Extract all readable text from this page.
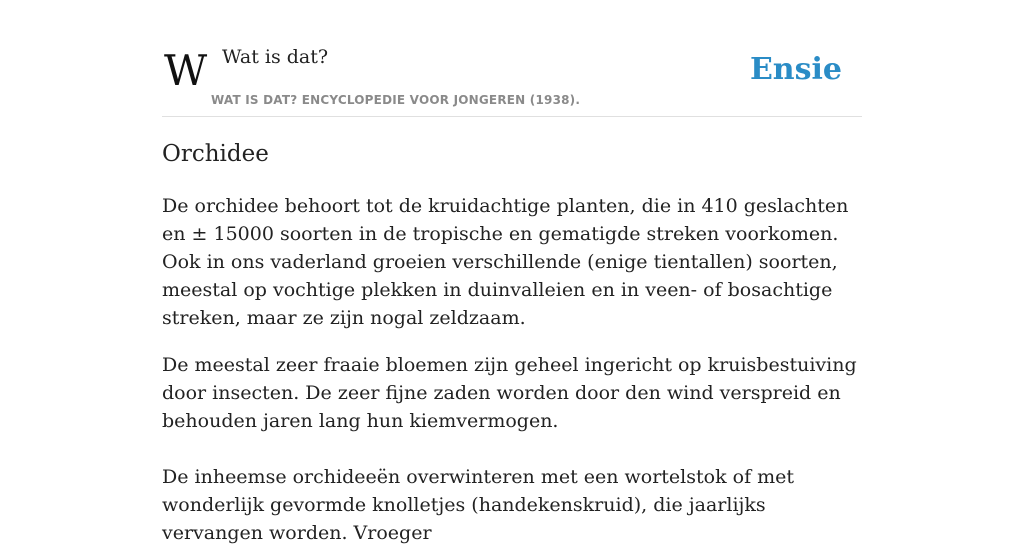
W	Wat is dat?
WAT IS DAT? ENCYCLOPEDIE VOOR JONGEREN (1938).
Ensie
Orchidee

De orchidee behoort tot de kruidachtige planten, die in 410 geslachten en ± 15000 soorten in de tropische en gematigde streken voorkomen. Ook in ons vaderland groeien verschillende (enige tientallen) soorten, meestal op vochtige plekken in duinvalleien en in veen- of bosachtige streken, maar ze zijn nogal zeldzaam.

De meestal zeer fraaie bloemen zijn geheel ingericht op kruisbestuiving door insecten. De zeer fijne zaden worden door den wind verspreid en behouden jaren lang hun kiemvermogen.

De inheemse orchideeën overwinteren met een wortelstok of met wonderlijk gevormde knolletjes (handekenskruid), die jaarlijks vervangen worden. Vroeger
